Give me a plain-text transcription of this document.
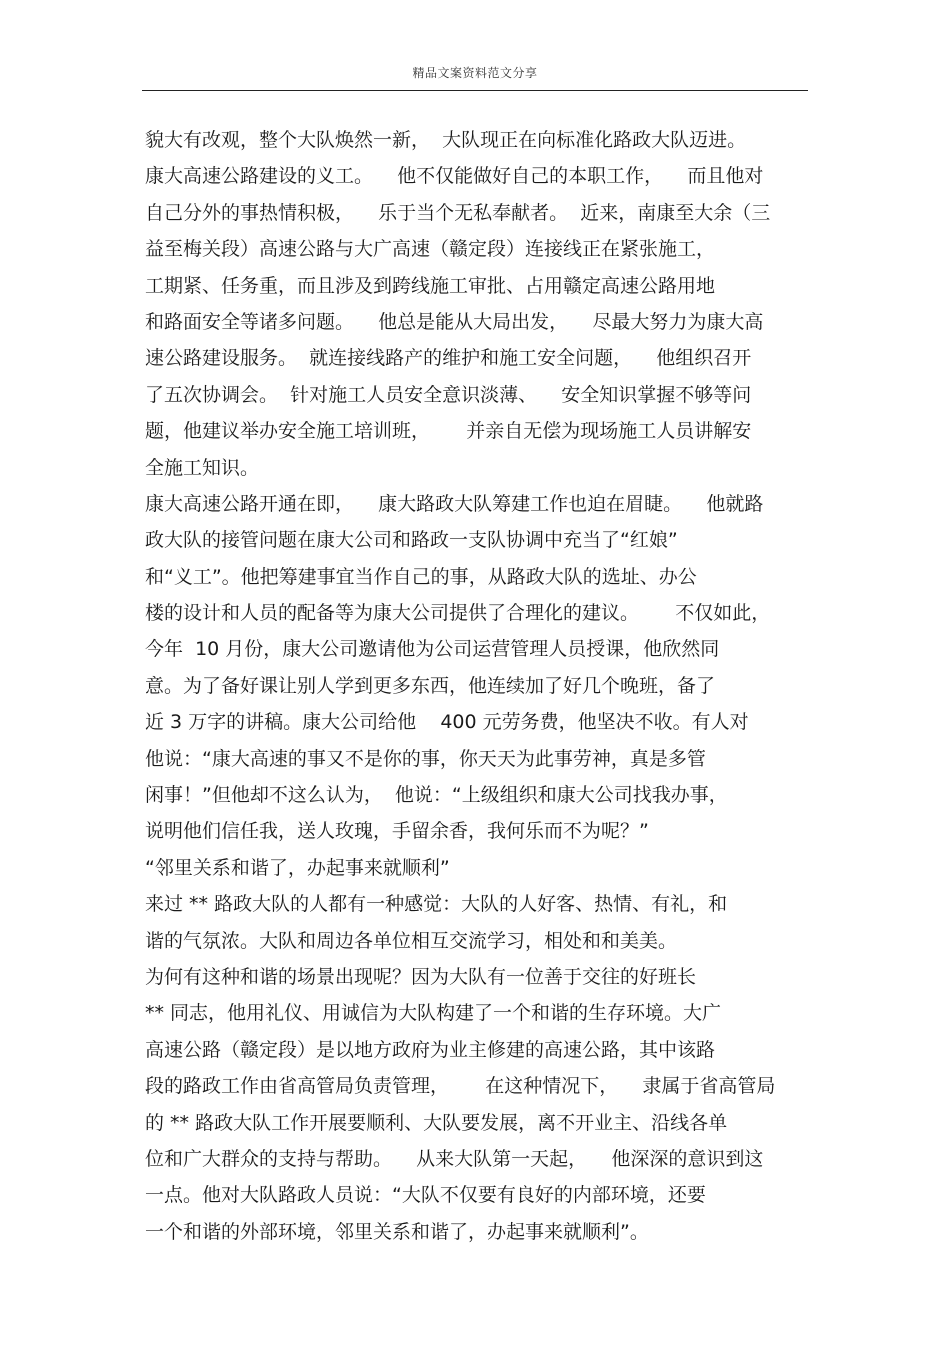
精品文案资料范文分享
貌大有改观，整个大队焕然一新，  大队现正在向标准化路政大队迈进。
康大高速公路建设的义工。    他不仅能做好自己的本职工作，    而且他对
自己分外的事热情积极，    乐于当个无私奉献者。  近来，南康至大余（三
益至梅关段）高速公路与大广高速（赣定段）连接线正在紧张施工，
工期紧、任务重，而且涉及到跨线施工审批、占用赣定高速公路用地
和路面安全等诸多问题。    他总是能从大局出发，    尽最大努力为康大高
速公路建设服务。  就连接线路产的维护和施工安全问题，    他组织召开
了五次协调会。  针对施工人员安全意识淡薄、    安全知识掌握不够等问
题，他建议举办安全施工培训班，      并亲自无偿为现场施工人员讲解安
全施工知识。
康大高速公路开通在即，    康大路政大队筹建工作也迫在眉睫。    他就路
政大队的接管问题在康大公司和路政一支队协调中充当了“红娘”
和“义工”。他把筹建事宜当作自己的事，从路政大队的选址、办公
楼的设计和人员的配备等为康大公司提供了合理化的建议。      不仅如此，
今年  10 月份，康大公司邀请他为公司运营管理人员授课，他欣然同
意。为了备好课让别人学到更多东西，他连续加了好几个晚班，备了
近 3 万字的讲稿。康大公司给他    400 元劳务费，他坚决不收。有人对
他说：“康大高速的事又不是你的事，你天天为此事劳神，真是多管
闲事！”但他却不这么认为，  他说：“上级组织和康大公司找我办事，
说明他们信任我，送人玫瑰，手留余香，我何乐而不为呢？”
“邻里关系和谐了，办起事来就顺利”
来过 ** 路政大队的人都有一种感觉：大队的人好客、热情、有礼，和
谐的气氛浓。大队和周边各单位相互交流学习，相处和和美美。
为何有这种和谐的场景出现呢？因为大队有一位善于交往的好班长
** 同志，他用礼仪、用诚信为大队构建了一个和谐的生存环境。大广
高速公路（赣定段）是以地方政府为业主修建的高速公路，其中该路
段的路政工作由省高管局负责管理，      在这种情况下，    隶属于省高管局
的 ** 路政大队工作开展要顺利、大队要发展，离不开业主、沿线各单
位和广大群众的支持与帮助。    从来大队第一天起，    他深深的意识到这
一点。他对大队路政人员说：“大队不仅要有良好的内部环境，还要
一个和谐的外部环境，邻里关系和谐了，办起事来就顺利”。
